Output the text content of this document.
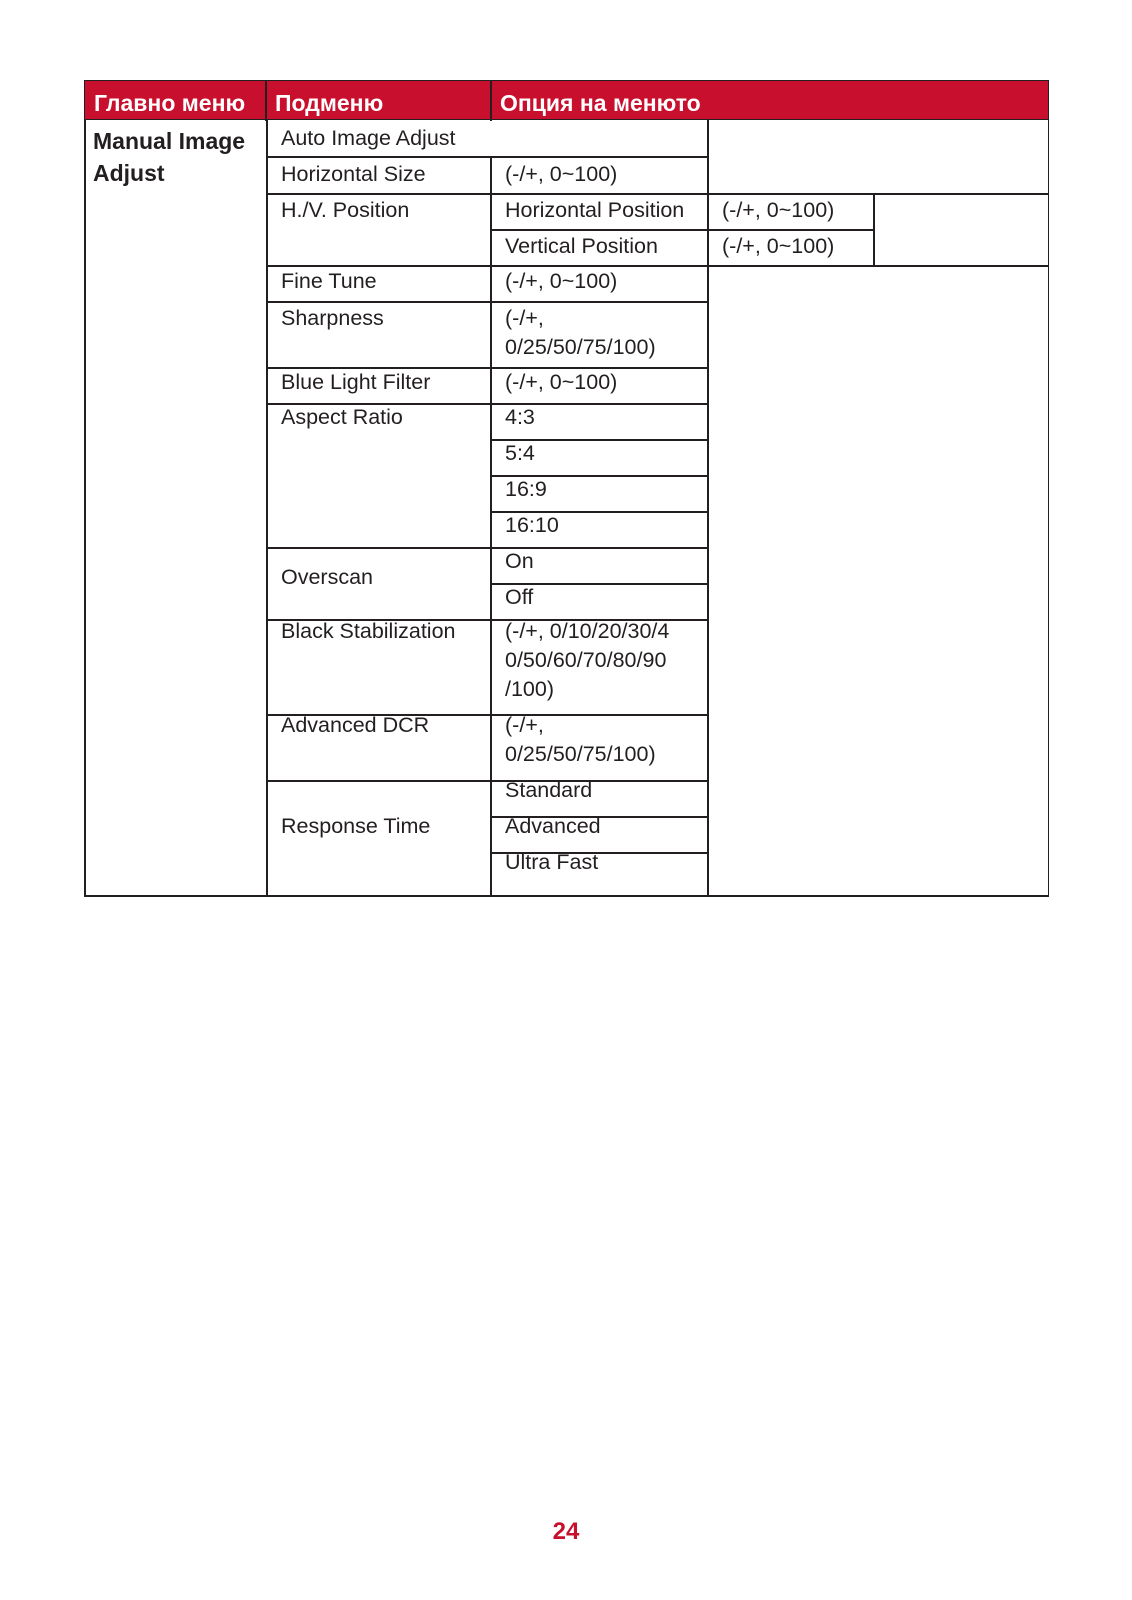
Главно меню Подменю	Опция на менюто
Manual Image
Adjust
Auto Image Adjust
Horizontal Size
H./V. Position
Fine Tune
Sharpness
Blue Light Filter
Aspect Ratio
Overscan
Black Stabilization
Advanced DCR
Response Time
(-/+, 0~100)
Horizontal Position
Vertical Position
(-/+, 0~100)
(-/+,
0/25/50/75/100)
(-/+, 0~100)
4:3
5:4
16:9
16:10
On
Off
(-/+, 0/10/20/30/4
0/50/60/70/80/90
/100)
(-/+,
0/25/50/75/100)
Standard
Advanced
Ultra Fast
(-/+, 0~100)
(-/+, 0~100)
24
